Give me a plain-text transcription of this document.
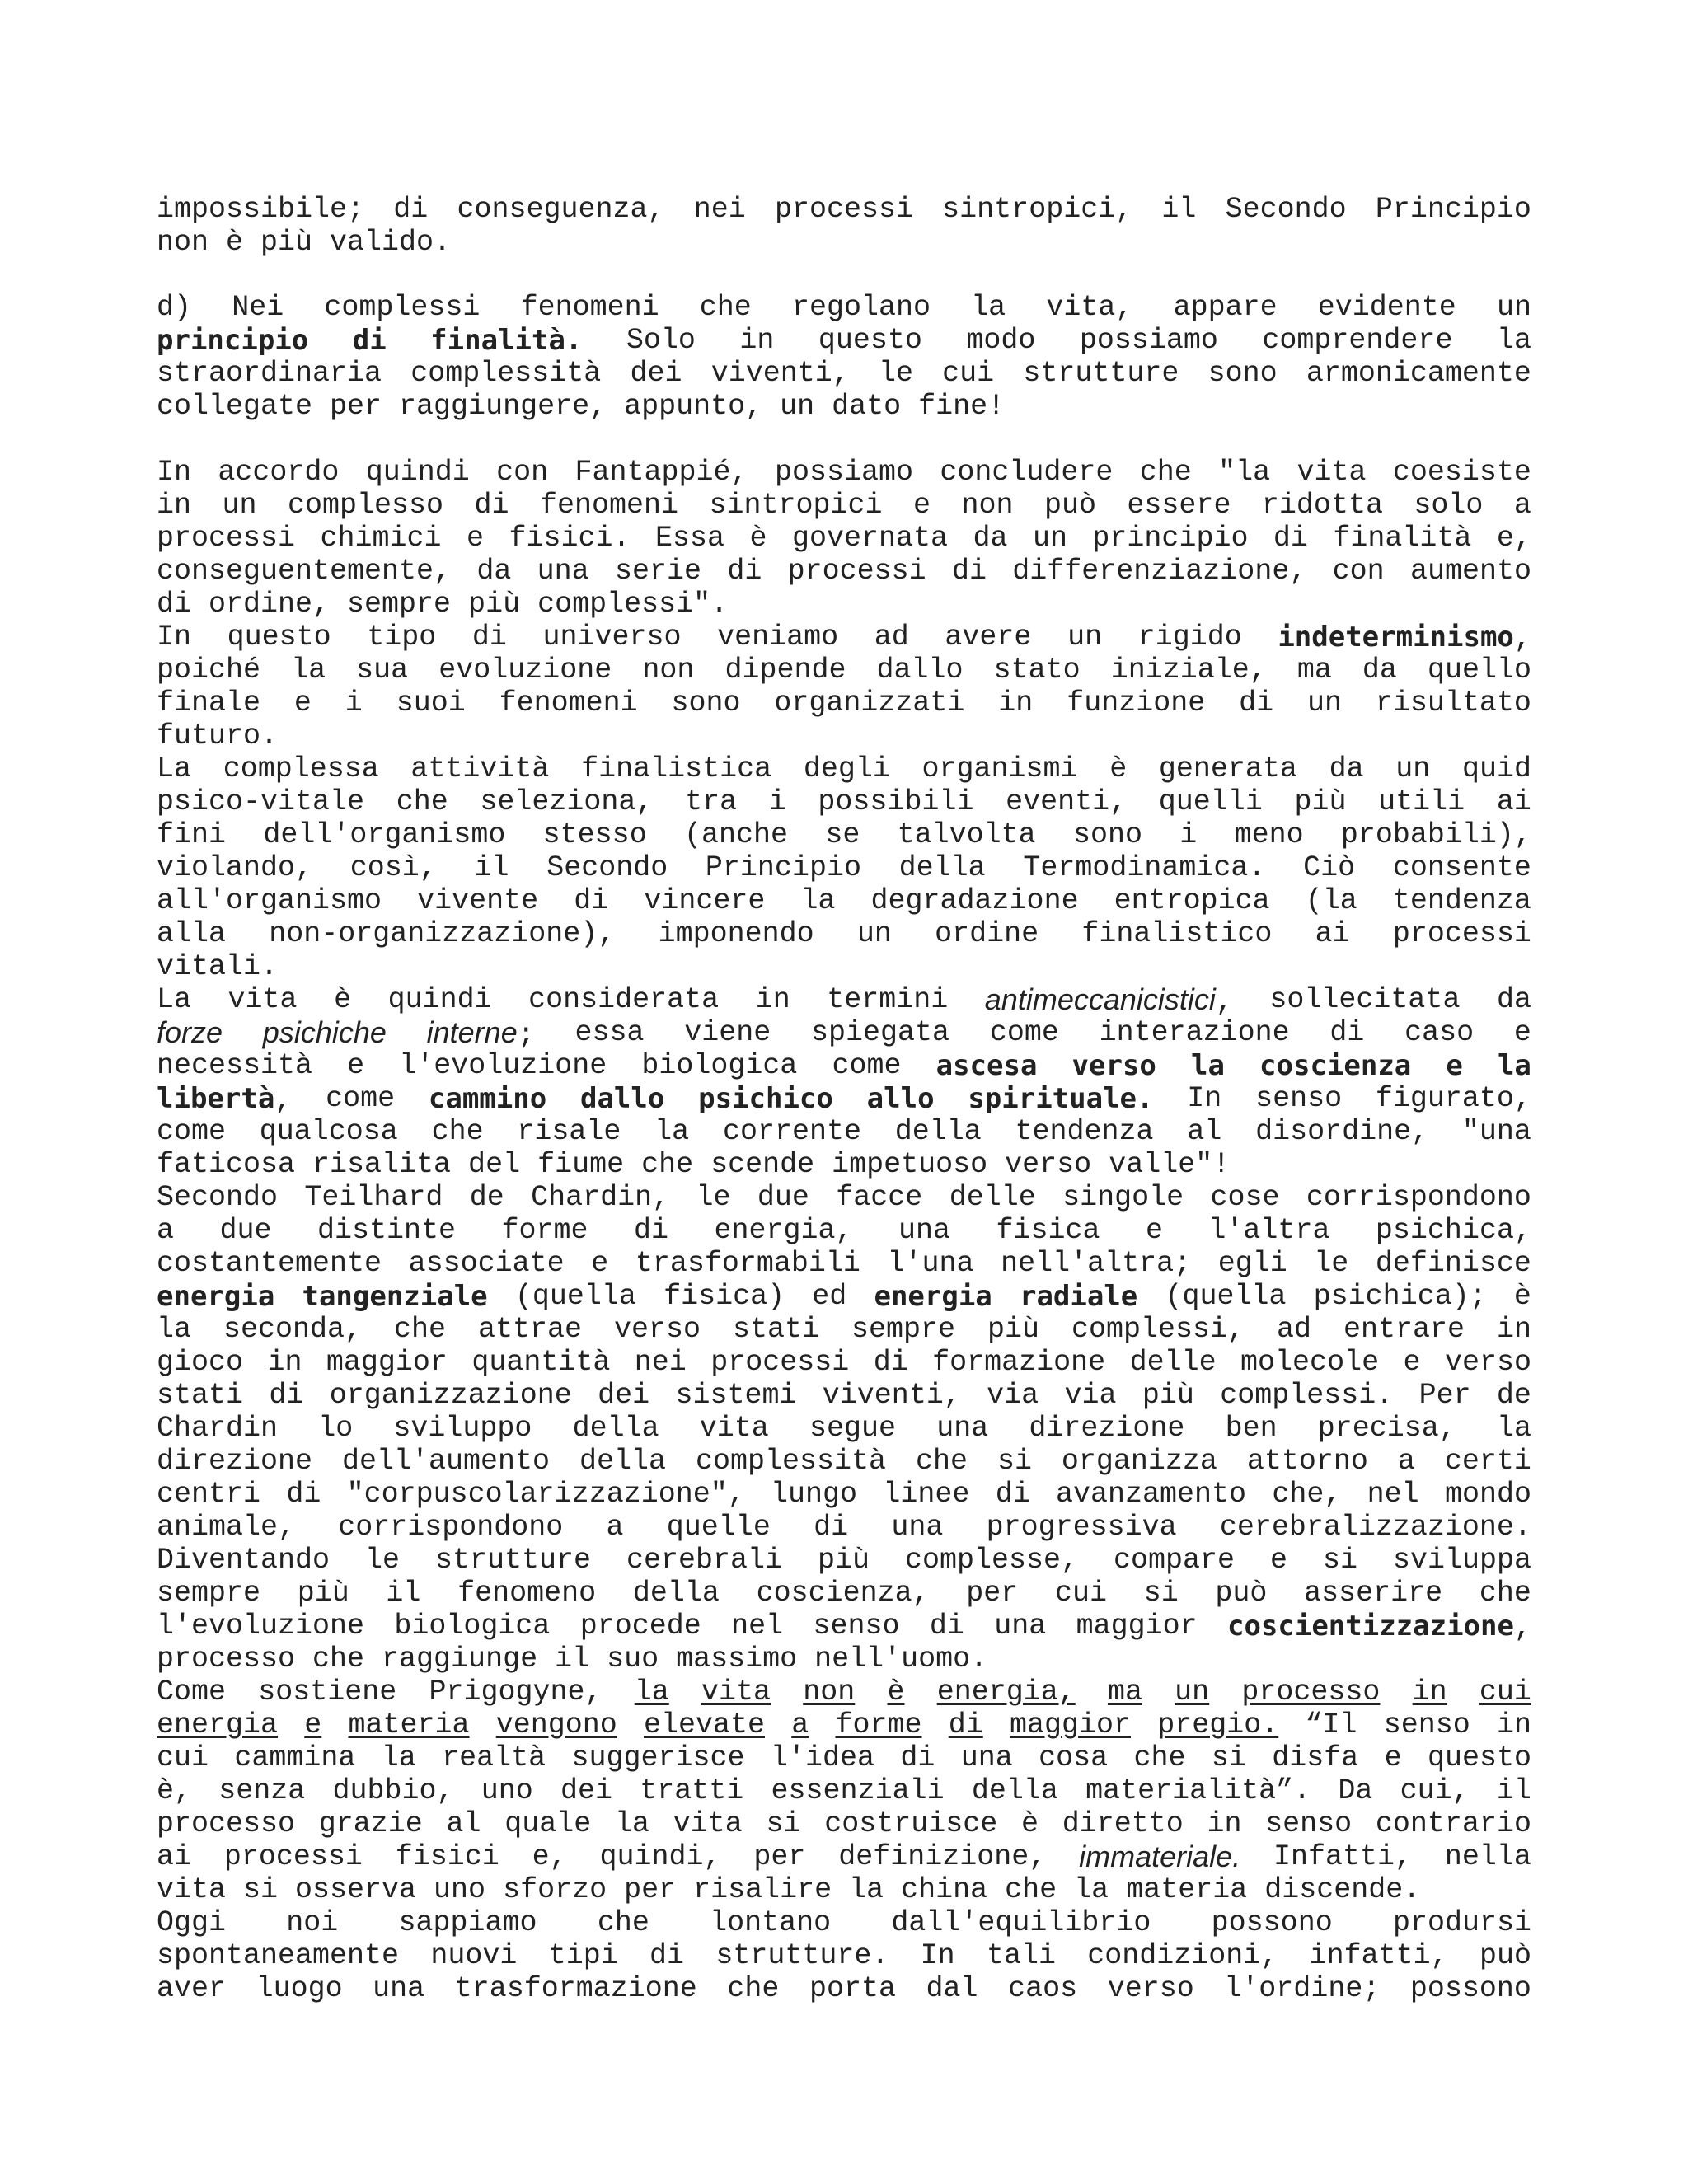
impossibile; di conseguenza, nei processi sintropici, il Secondo Principio
non è più valido.
d) Nei complessi fenomeni che regolano la vita, appare evidente un
principio di finalità. Solo in questo modo possiamo comprendere la
straordinaria complessità dei viventi, le cui strutture sono armonicamente
collegate per raggiungere, appunto, un dato fine!
In accordo quindi con Fantappié, possiamo concludere che "la vita coesiste
in un complesso di fenomeni sintropici e non può essere ridotta solo a
processi chimici e fisici. Essa è governata da un principio di finalità e,
conseguentemente, da una serie di processi di differenziazione, con aumento
di ordine, sempre più complessi".
In questo tipo di universo veniamo ad avere un rigido indeterminismo,
poiché la sua evoluzione non dipende dallo stato iniziale, ma da quello
finale e i suoi fenomeni sono organizzati in funzione di un risultato
futuro.
La complessa attività finalistica degli organismi è generata da un quid
psico-vitale che seleziona, tra i possibili eventi, quelli più utili ai
fini dell'organismo stesso (anche se talvolta sono i meno probabili),
violando, così, il Secondo Principio della Termodinamica. Ciò consente
all'organismo vivente di vincere la degradazione entropica (la tendenza
alla non-organizzazione), imponendo un ordine finalistico ai processi
vitali.
La vita è quindi considerata in termini antimeccanicistici, sollecitata da
forze psichiche interne; essa viene spiegata come interazione di caso e
necessità e l'evoluzione biologica come ascesa verso la coscienza e la
libertà, come cammino dallo psichico allo spirituale. In senso figurato,
come qualcosa che risale la corrente della tendenza al disordine, "una
faticosa risalita del fiume che scende impetuoso verso valle"!
Secondo Teilhard de Chardin, le due facce delle singole cose corrispondono
a due distinte forme di energia, una fisica e l'altra psichica,
costantemente associate e trasformabili l'una nell'altra; egli le definisce
energia tangenziale (quella fisica) ed energia radiale (quella psichica); è
la seconda, che attrae verso stati sempre più complessi, ad entrare in
gioco in maggior quantità nei processi di formazione delle molecole e verso
stati di organizzazione dei sistemi viventi, via via più complessi. Per de
Chardin lo sviluppo della vita segue una direzione ben precisa, la
direzione dell'aumento della complessità che si organizza attorno a certi
centri di "corpuscolarizzazione", lungo linee di avanzamento che, nel mondo
animale, corrispondono a quelle di una progressiva cerebralizzazione.
Diventando le strutture cerebrali più complesse, compare e si sviluppa
sempre più il fenomeno della coscienza, per cui si può asserire che
l'evoluzione biologica procede nel senso di una maggior coscientizzazione,
processo che raggiunge il suo massimo nell'uomo.
Come sostiene Prigogyne, la vita non è energia, ma un processo in cui
energia e materia vengono elevate a forme di maggior pregio. “Il senso in
cui cammina la realtà suggerisce l'idea di una cosa che si disfa e questo
è, senza dubbio, uno dei tratti essenziali della materialità”. Da cui, il
processo grazie al quale la vita si costruisce è diretto in senso contrario
ai processi fisici e, quindi, per definizione, immateriale. Infatti, nella
vita si osserva uno sforzo per risalire la china che la materia discende.
Oggi noi sappiamo che lontano dall'equilibrio possono prodursi
spontaneamente nuovi tipi di strutture. In tali condizioni, infatti, può
aver luogo una trasformazione che porta dal caos verso l'ordine; possono
